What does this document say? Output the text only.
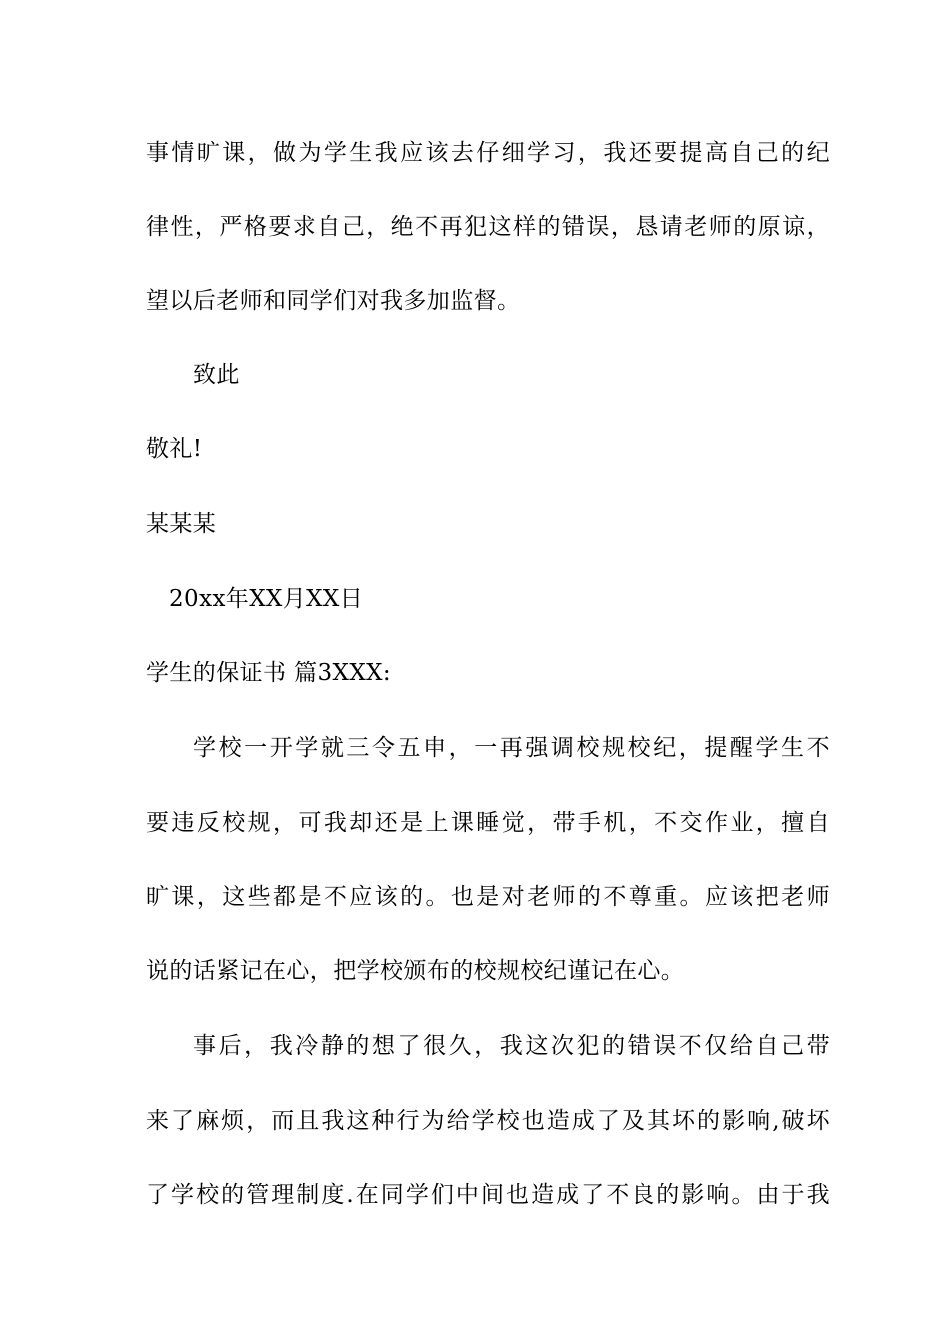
事情旷课，做为学生我应该去仔细学习，我还要提高自己的纪
律性，严格要求自己，绝不再犯这样的错误，恳请老师的原谅，
望以后老师和同学们对我多加监督。
致此
敬礼!
某某某
20xx年XX月XX日
学生的保证书 篇3XXX:
学校一开学就三令五申，一再强调校规校纪，提醒学生不
要违反校规，可我却还是上课睡觉，带手机，不交作业，擅自
旷课，这些都是不应该的。也是对老师的不尊重。应该把老师
说的话紧记在心，把学校颁布的校规校纪谨记在心。
事后，我冷静的想了很久，我这次犯的错误不仅给自己带
来了麻烦，而且我这种行为给学校也造成了及其坏的影响,破坏
了学校的管理制度.在同学们中间也造成了不良的影响。由于我
